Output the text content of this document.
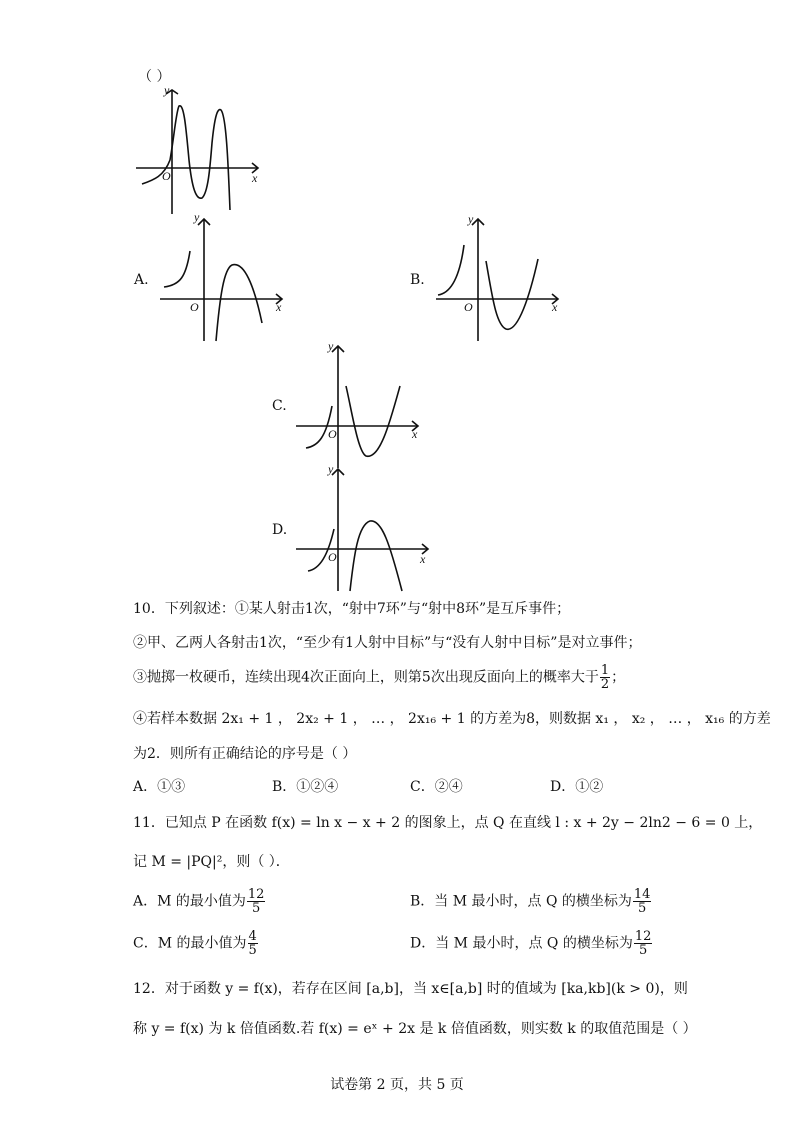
（ ）
y
x
O
A.
y
x
O
B.
y
x
O
C.
y
x
O
D.
y
x
O
10．下列叙述：①某人射击1次，“射中7环”与“射中8环”是互斥事件；
②甲、乙两人各射击1次，“至少有1人射中目标”与“没有人射中目标”是对立事件；
③抛掷一枚硬币，连续出现4次正面向上，则第5次出现反面向上的概率大于 $\frac{1}{2}$ ；
④若样本数据 2x₁ + 1 ， 2x₂ + 1 ， … ， 2x₁₆ + 1 的方差为8，则数据 x₁ ， x₂ ， … ， x₁₆ 的方差
为2．则所有正确结论的序号是（ ）
A．①③	B．①②④	C．②④	D．①②
11．已知点 P 在函数 f(x) = ln x − x + 2 的图象上，点 Q 在直线 l : x + 2y − 2ln2 − 6 = 0 上，
记 M = |PQ|²，则（ ）．
A．M 的最小值为 $\frac{12}{5}$	B．当 M 最小时，点 Q 的横坐标为 $\frac{14}{5}$
C．M 的最小值为 $\frac{4}{5}$	D．当 M 最小时，点 Q 的横坐标为 $\frac{12}{5}$
12．对于函数 y = f(x)，若存在区间 [a,b]，当 x∈[a,b] 时的值域为 [ka,kb](k > 0)，则
称 y = f(x) 为 k 倍值函数.若 f(x) = eˣ + 2x 是 k 倍值函数，则实数 k 的取值范围是（ ）
试卷第 2 页，共 5 页
